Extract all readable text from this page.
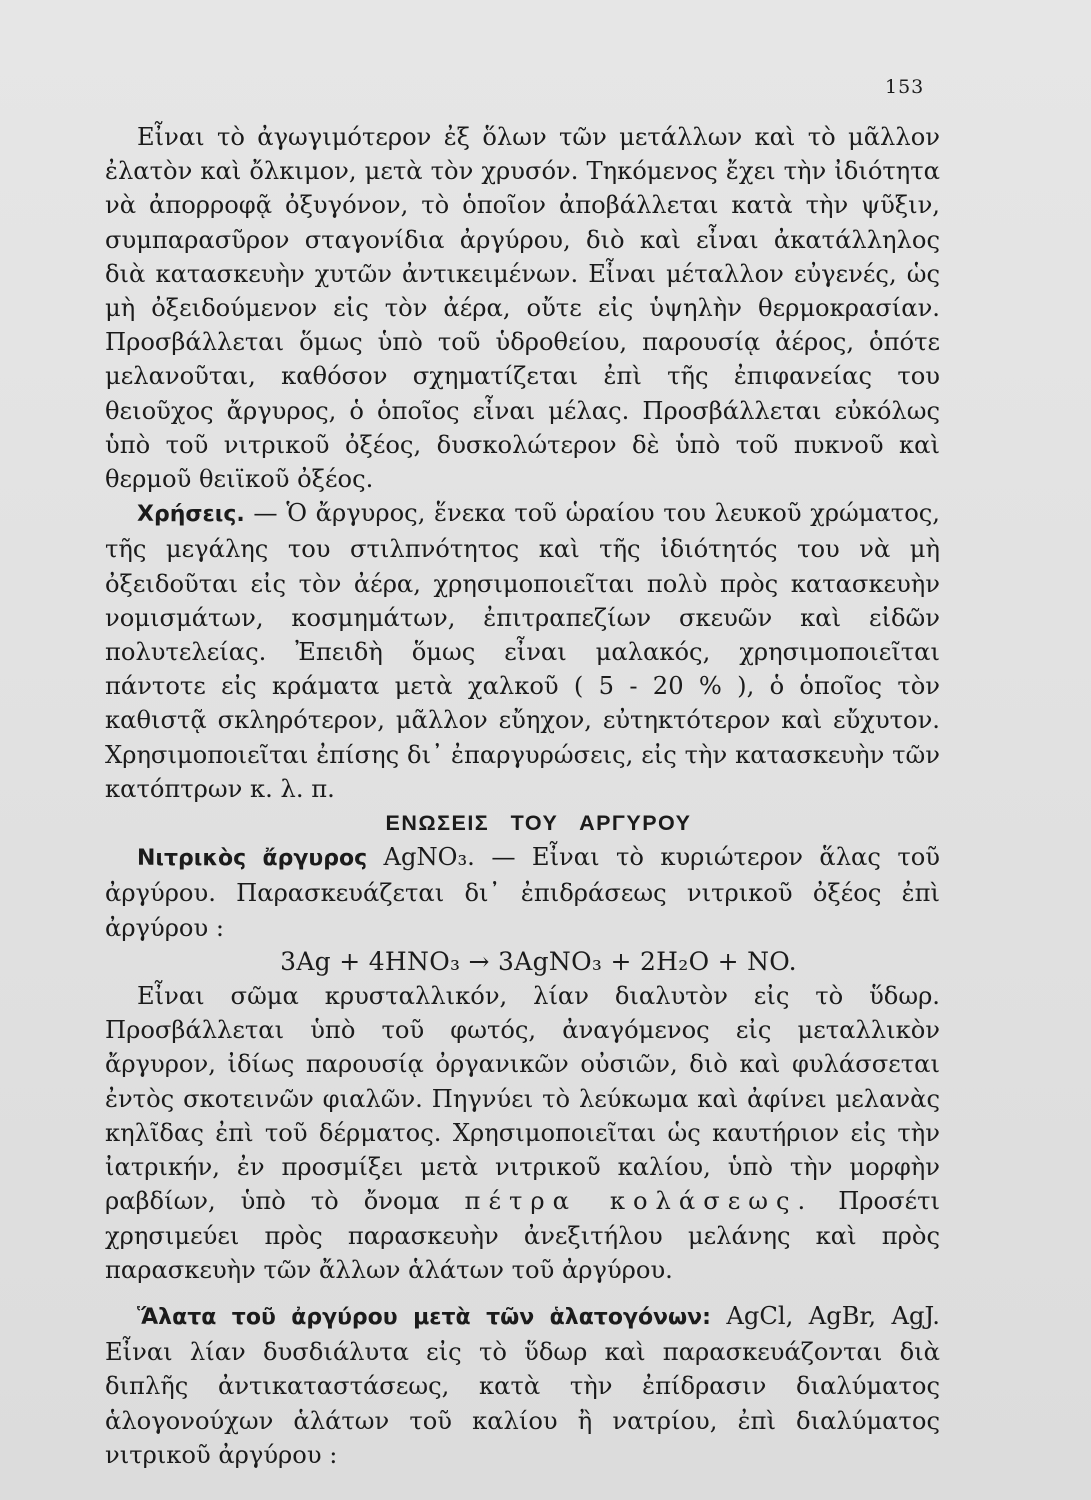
153

Εἶναι τὸ ἀγωγιμότερον ἐξ ὅλων τῶν μετάλλων καὶ τὸ μᾶλλον ἐλατὸν καὶ ὄλκιμον, μετὰ τὸν χρυσόν. Τηκόμενος ἔχει τὴν ἰδιότητα νὰ ἀπορροφᾷ ὀξυγόνον, τὸ ὁποῖον ἀποβάλλεται κατὰ τὴν ψῦξιν, συμπαρασῦρον σταγονίδια ἀργύρου, διὸ καὶ εἶναι ἀκατάλληλος διὰ κατασκευὴν χυτῶν ἀντικειμένων. Εἶναι μέταλλον εὐγενές, ὡς μὴ ὀξειδούμενον εἰς τὸν ἀέρα, οὔτε εἰς ὑψηλὴν θερμοκρασίαν. Προσβάλλεται ὅμως ὑπὸ τοῦ ὑδροθείου, παρουσίᾳ ἀέρος, ὁπότε μελανοῦται, καθόσον σχηματίζεται ἐπὶ τῆς ἐπιφανείας του θειοῦχος ἄργυρος, ὁ ὁποῖος εἶναι μέλας. Προσβάλλεται εὐκόλως ὑπὸ τοῦ νιτρικοῦ ὀξέος, δυσκολώτερον δὲ ὑπὸ τοῦ πυκνοῦ καὶ θερμοῦ θειϊκοῦ ὀξέος.

Χρήσεις. — Ὁ ἄργυρος, ἕνεκα τοῦ ὡραίου του λευκοῦ χρώματος, τῆς μεγάλης του στιλπνότητος καὶ τῆς ἰδιότητός του νὰ μὴ ὀξειδοῦται εἰς τὸν ἀέρα, χρησιμοποιεῖται πολὺ πρὸς κατασκευὴν νομισμάτων, κοσμημάτων, ἐπιτραπεζίων σκευῶν καὶ εἰδῶν πολυτελείας. Ἐπειδὴ ὅμως εἶναι μαλακός, χρησιμοποιεῖται πάντοτε εἰς κράματα μετὰ χαλκοῦ ( 5 - 20 % ), ὁ ὁποῖος τὸν καθιστᾷ σκληρότερον, μᾶλλον εὔηχον, εὐτηκτότερον καὶ εὔχυτον. Χρησιμοποιεῖται ἐπίσης δι᾽ ἐπαργυρώσεις, εἰς τὴν κατασκευὴν τῶν κατόπτρων κ. λ. π.

ΕΝΩΣΕΙΣ ΤΟΥ ΑΡΓΥΡΟΥ

Νιτρικὸς ἄργυρος AgNO₃. — Εἶναι τὸ κυριώτερον ἅλας τοῦ ἀργύρου. Παρασκευάζεται δι᾽ ἐπιδράσεως νιτρικοῦ ὀξέος ἐπὶ ἀργύρου :

3Ag + 4HNO₃ → 3AgNO₃ + 2H₂O + NO.

Εἶναι σῶμα κρυσταλλικόν, λίαν διαλυτὸν εἰς τὸ ὕδωρ. Προσβάλλεται ὑπὸ τοῦ φωτός, ἀναγόμενος εἰς μεταλλικὸν ἄργυρον, ἰδίως παρουσίᾳ ὀργανικῶν οὐσιῶν, διὸ καὶ φυλάσσεται ἐντὸς σκοτεινῶν φιαλῶν. Πηγνύει τὸ λεύκωμα καὶ ἀφίνει μελανὰς κηλῖδας ἐπὶ τοῦ δέρματος. Χρησιμοποιεῖται ὡς καυτήριον εἰς τὴν ἰατρικήν, ἐν προσμίξει μετὰ νιτρικοῦ καλίου, ὑπὸ τὴν μορφὴν ραβδίων, ὑπὸ τὸ ὄνομα πέτρα κολάσεως. Προσέτι χρησιμεύει πρὸς παρασκευὴν ἀνεξιτήλου μελάνης καὶ πρὸς παρασκευὴν τῶν ἄλλων ἁλάτων τοῦ ἀργύρου.

Ἅλατα τοῦ ἀργύρου μετὰ τῶν ἁλατογόνων: AgCl, AgBr, AgJ. Εἶναι λίαν δυσδιάλυτα εἰς τὸ ὕδωρ καὶ παρασκευάζονται διὰ διπλῆς ἀντικαταστάσεως, κατὰ τὴν ἐπίδρασιν διαλύματος ἁλογονούχων ἁλάτων τοῦ καλίου ἢ νατρίου, ἐπὶ διαλύματος νιτρικοῦ ἀργύρου :
